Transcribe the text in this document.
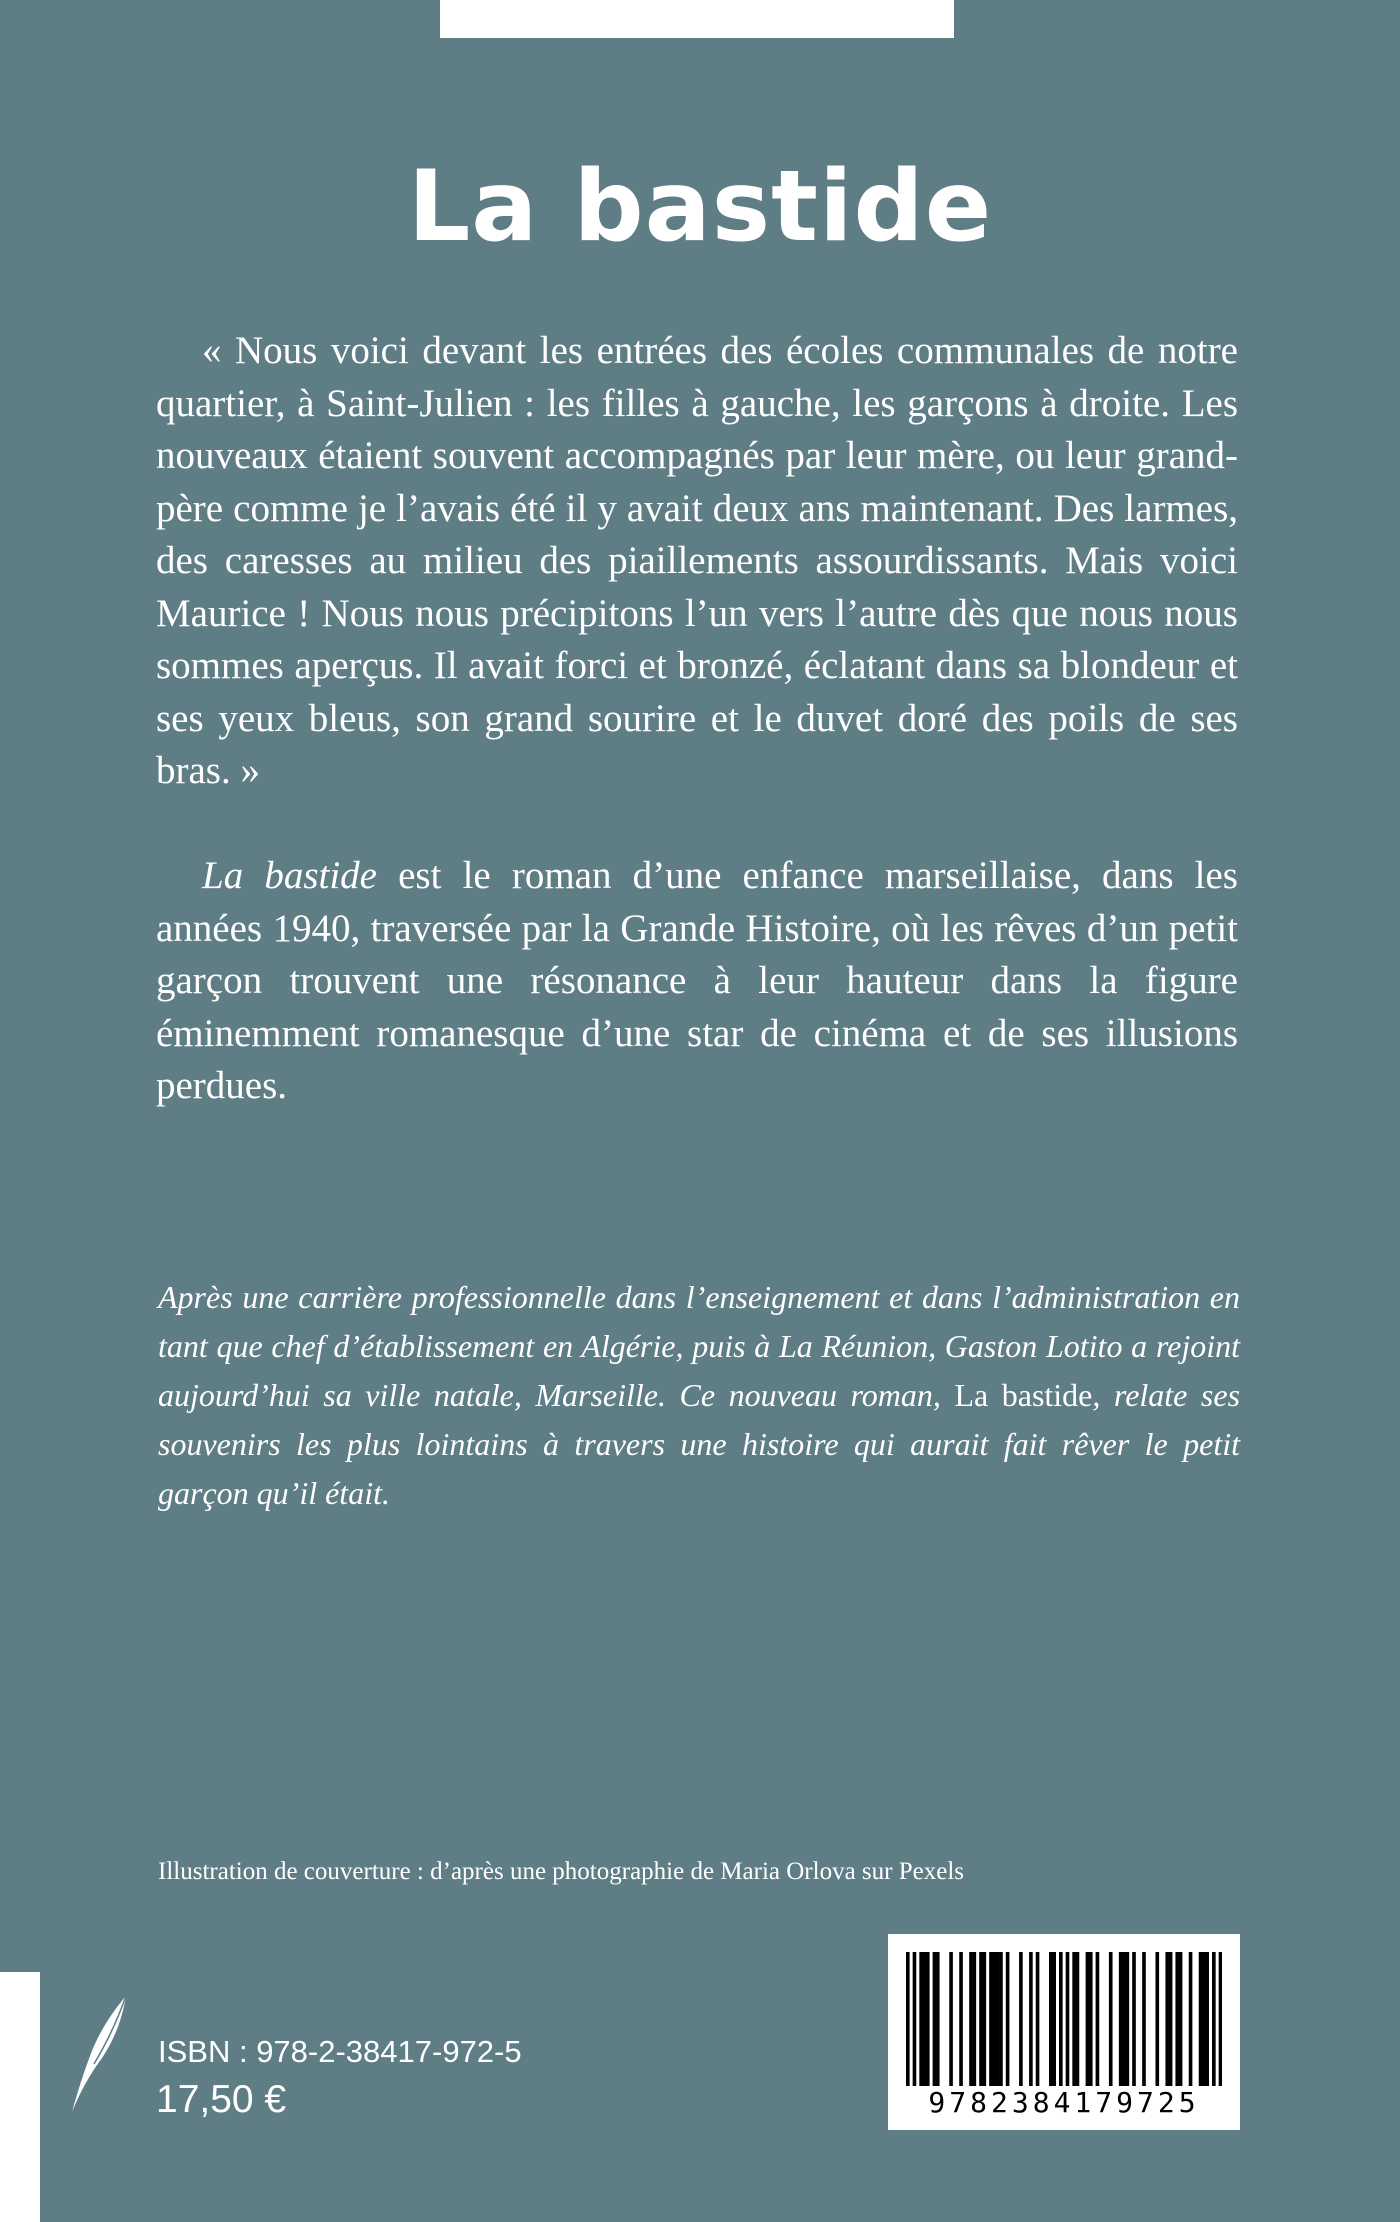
La bastide

« Nous voici devant les entrées des écoles communales de notre quartier, à Saint-Julien : les filles à gauche, les garçons à droite. Les nouveaux étaient souvent accompagnés par leur mère, ou leur grand-père comme je l’avais été il y avait deux ans maintenant. Des larmes, des caresses au milieu des piaillements assourdissants. Mais voici Maurice ! Nous nous précipitons l’un vers l’autre dès que nous nous sommes aperçus. Il avait forci et bronzé, éclatant dans sa blondeur et ses yeux bleus, son grand sourire et le duvet doré des poils de ses bras. »

La bastide est le roman d’une enfance marseillaise, dans les années 1940, traversée par la Grande Histoire, où les rêves d’un petit garçon trouvent une résonance à leur hauteur dans la figure éminemment romanesque d’une star de cinéma et de ses illusions perdues.

Après une carrière professionnelle dans l’enseignement et dans l’administration en tant que chef d’établissement en Algérie, puis à La Réunion, Gaston Lotito a rejoint aujourd’hui sa ville natale, Marseille. Ce nouveau roman, La bastide, relate ses souvenirs les plus lointains à travers une histoire qui aurait fait rêver le petit garçon qu’il était.

Illustration de couverture : d’après une photographie de Maria Orlova sur Pexels

ISBN : 978-2-38417-972-5

17,50 €	9782384179725
